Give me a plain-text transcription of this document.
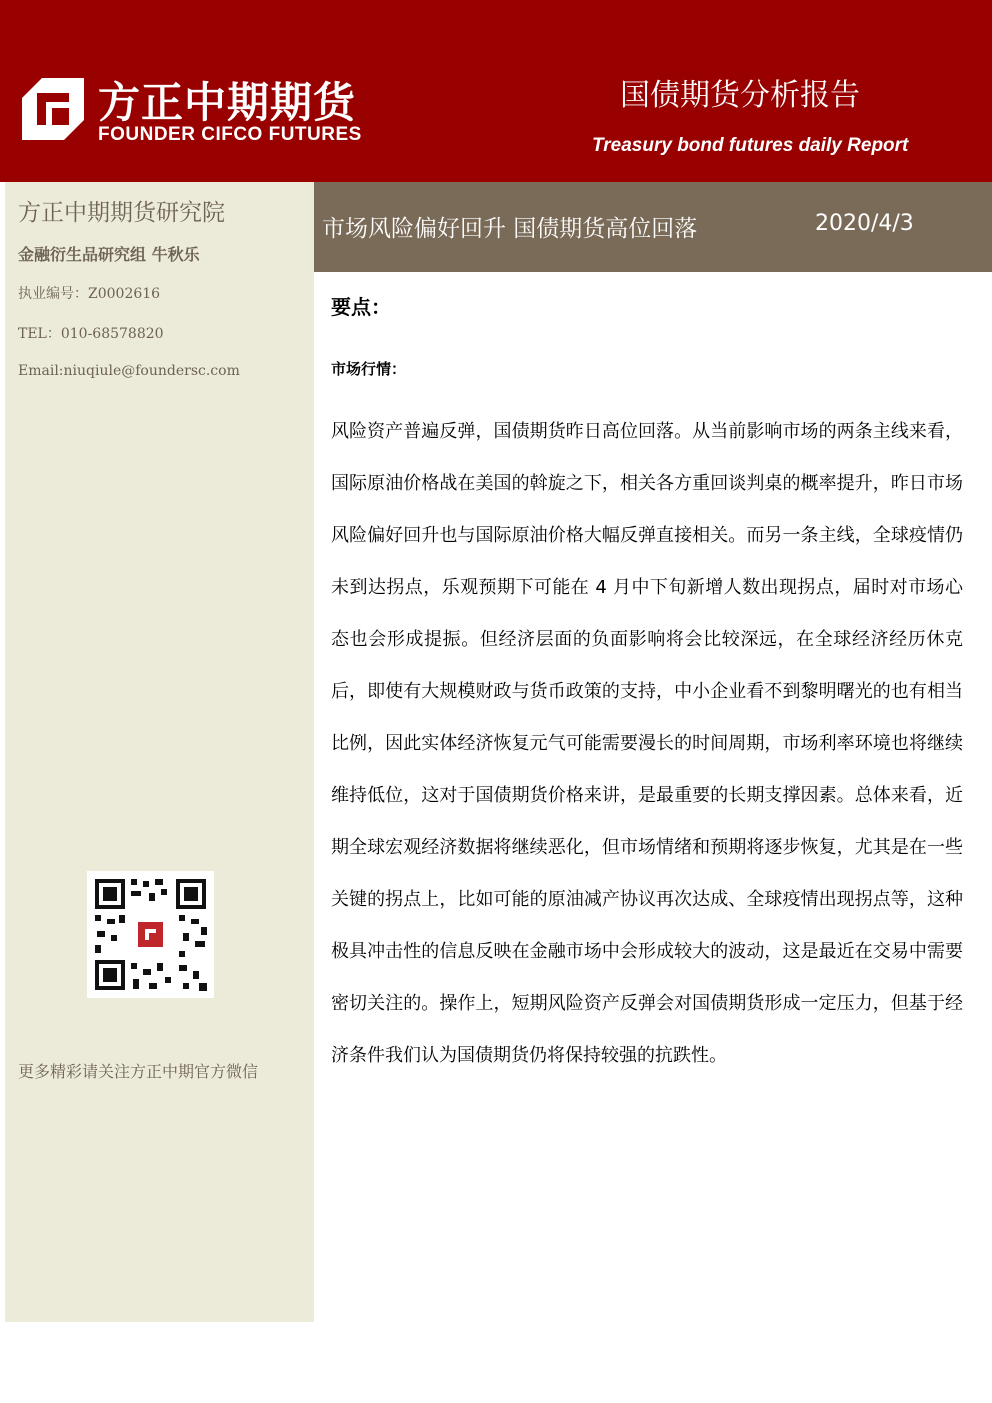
方正中期期货
FOUNDER CIFCO FUTURES
国债期货分析报告
Treasury bond futures daily Report
方正中期期货研究院
金融衍生品研究组 牛秋乐
执业编号：Z0002616
TEL：010-68578820
Email:niuqiule@foundersc.com
更多精彩请关注方正中期官方微信
市场风险偏好回升 国债期货高位回落	2020/4/3
要点：
市场行情：

风险资产普遍反弹，国债期货昨日高位回落。从当前影响市场的两条主线来看，国际原油价格战在美国的斡旋之下，相关各方重回谈判桌的概率提升，昨日市场风险偏好回升也与国际原油价格大幅反弹直接相关。而另一条主线，全球疫情仍未到达拐点，乐观预期下可能在 4 月中下旬新增人数出现拐点，届时对市场心态也会形成提振。但经济层面的负面影响将会比较深远，在全球经济经历休克后，即使有大规模财政与货币政策的支持，中小企业看不到黎明曙光的也有相当比例，因此实体经济恢复元气可能需要漫长的时间周期，市场利率环境也将继续维持低位，这对于国债期货价格来讲，是最重要的长期支撑因素。总体来看，近期全球宏观经济数据将继续恶化，但市场情绪和预期将逐步恢复，尤其是在一些关键的拐点上，比如可能的原油减产协议再次达成、全球疫情出现拐点等，这种极具冲击性的信息反映在金融市场中会形成较大的波动，这是最近在交易中需要密切关注的。操作上，短期风险资产反弹会对国债期货形成一定压力，但基于经济条件我们认为国债期货仍将保持较强的抗跌性。
